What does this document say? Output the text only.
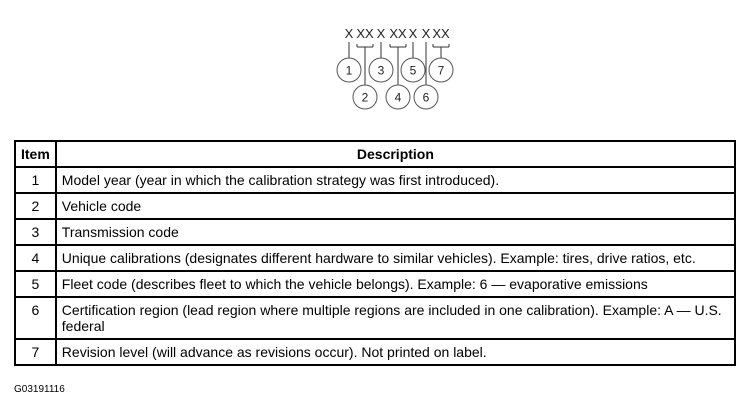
X XX X XX X X XX
1
2
3
4
5
6
7
Item	Description
1	Model year (year in which the calibration strategy was first introduced).
2	Vehicle code
3	Transmission code
4	Unique calibrations (designates different hardware to similar vehicles). Example: tires, drive ratios, etc.
5	Fleet code (describes fleet to which the vehicle belongs). Example: 6 — evaporative emissions
6	Certification region (lead region where multiple regions are included in one calibration). Example: A — U.S. federal
7	Revision level (will advance as revisions occur). Not printed on label.
G03191116
